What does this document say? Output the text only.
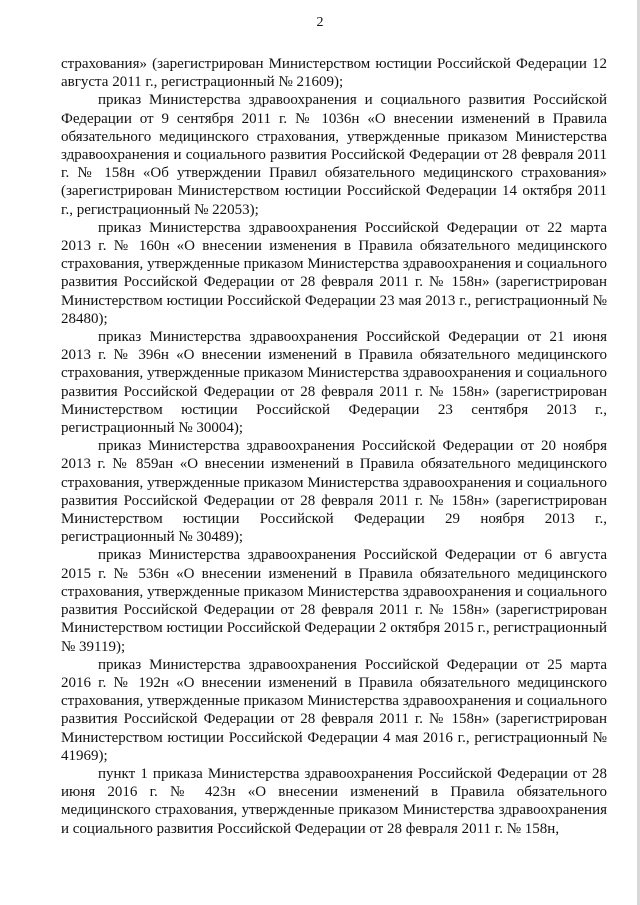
2

страхования» (зарегистрирован Министерством юстиции Российской Федерации 12 августа 2011 г., регистрационный № 21609);

приказ Министерства здравоохранения и социального развития Российской Федерации от 9 сентября 2011 г. № 1036н «О внесении изменений в Правила обязательного медицинского страхования, утвержденные приказом Министерства здравоохранения и социального развития Российской Федерации от 28 февраля 2011 г. № 158н «Об утверждении Правил обязательного медицинского страхования» (зарегистрирован Министерством юстиции Российской Федерации 14 октября 2011 г., регистрационный № 22053);

приказ Министерства здравоохранения Российской Федерации от 22 марта 2013 г. № 160н «О внесении изменения в Правила обязательного медицинского страхования, утвержденные приказом Министерства здравоохранения и социального развития Российской Федерации от 28 февраля 2011 г. № 158н» (зарегистрирован Министерством юстиции Российской Федерации 23 мая 2013 г., регистрационный № 28480);

приказ Министерства здравоохранения Российской Федерации от 21 июня 2013 г. № 396н «О внесении изменений в Правила обязательного медицинского страхования, утвержденные приказом Министерства здравоохранения и социального развития Российской Федерации от 28 февраля 2011 г. № 158н» (зарегистрирован Министерством юстиции Российской Федерации 23 сентября 2013 г., регистрационный № 30004);

приказ Министерства здравоохранения Российской Федерации от 20 ноября 2013 г. № 859ан «О внесении изменений в Правила обязательного медицинского страхования, утвержденные приказом Министерства здравоохранения и социального развития Российской Федерации от 28 февраля 2011 г. № 158н» (зарегистрирован Министерством юстиции Российской Федерации 29 ноября 2013 г., регистрационный № 30489);

приказ Министерства здравоохранения Российской Федерации от 6 августа 2015 г. № 536н «О внесении изменений в Правила обязательного медицинского страхования, утвержденные приказом Министерства здравоохранения и социального развития Российской Федерации от 28 февраля 2011 г. № 158н» (зарегистрирован Министерством юстиции Российской Федерации 2 октября 2015 г., регистрационный № 39119);

приказ Министерства здравоохранения Российской Федерации от 25 марта 2016 г. № 192н «О внесении изменений в Правила обязательного медицинского страхования, утвержденные приказом Министерства здравоохранения и социального развития Российской Федерации от 28 февраля 2011 г. № 158н» (зарегистрирован Министерством юстиции Российской Федерации 4 мая 2016 г., регистрационный № 41969);

пункт 1 приказа Министерства здравоохранения Российской Федерации от 28 июня 2016 г. № 423н «О внесении изменений в Правила обязательного медицинского страхования, утвержденные приказом Министерства здравоохранения и социального развития Российской Федерации от 28 февраля 2011 г. № 158н,
